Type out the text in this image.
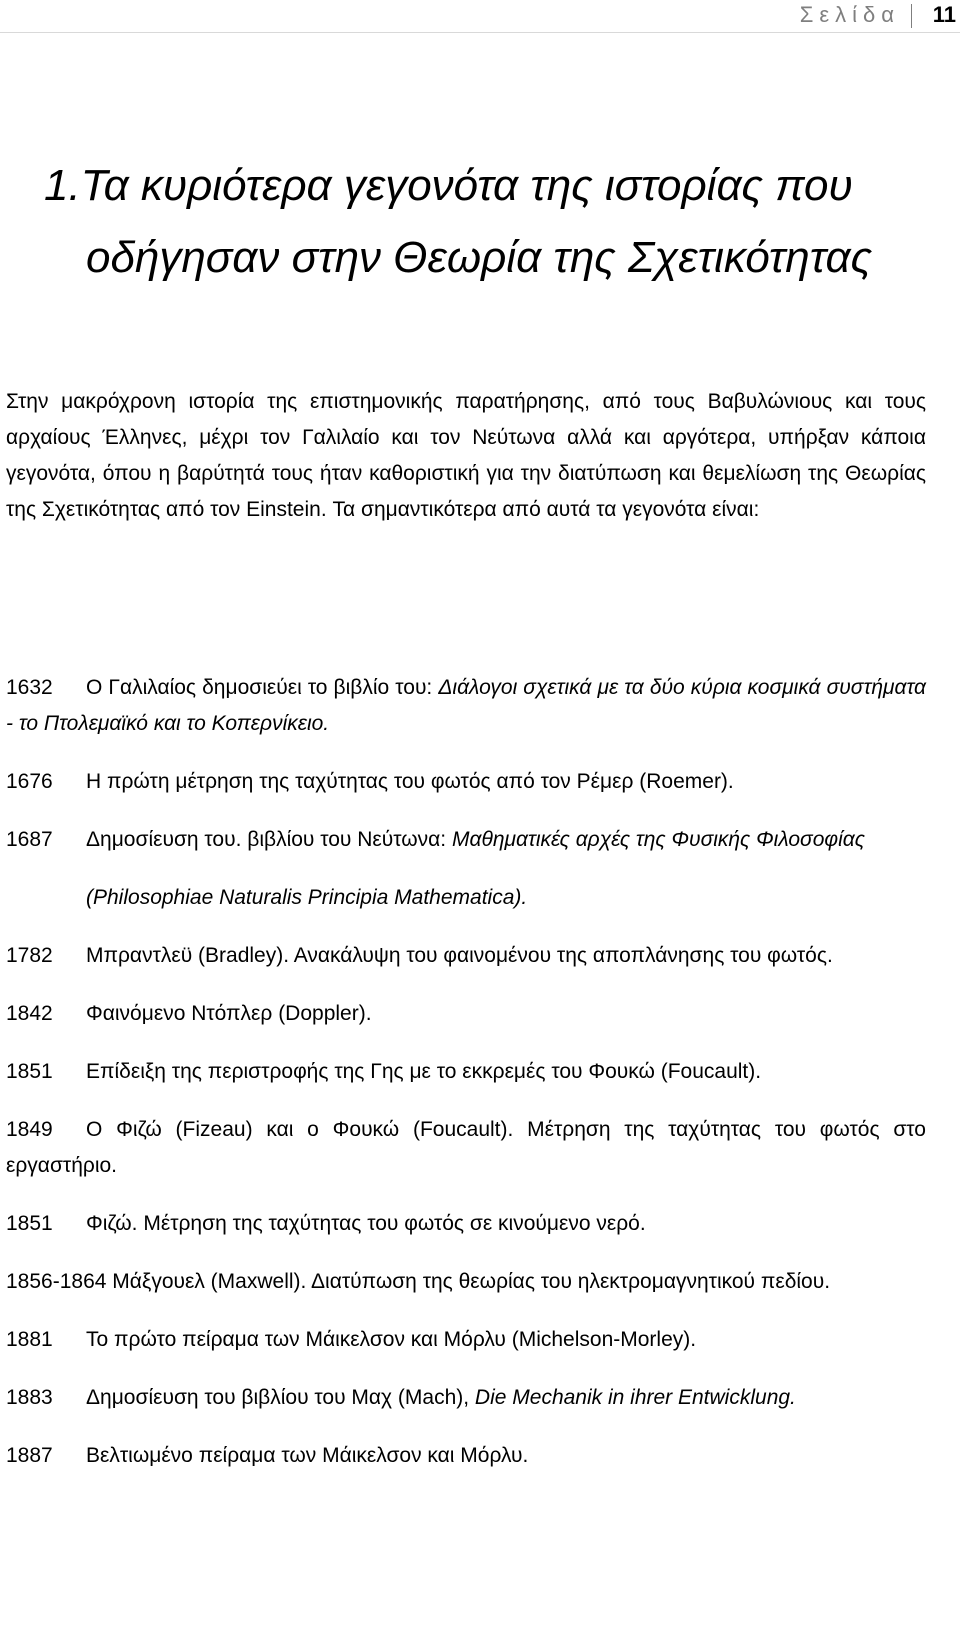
Σελίδα 11
1.Τα κυριότερα γεγονότα της ιστορίας που
οδήγησαν στην Θεωρία της Σχετικότητας

Στην μακρόχρονη ιστορία της επιστημονικής παρατήρησης, από τους Βαβυλώνιους και τους αρχαίους Έλληνες, μέχρι τον Γαλιλαίο και τον Νεύτωνα αλλά και αργότερα, υπήρξαν κάποια γεγονότα, όπου η βαρύτητά τους ήταν καθοριστική για την διατύπωση και θεμελίωση της Θεωρίας της Σχετικότητας από τον Einstein. Τα σημαντικότερα από αυτά τα γεγονότα είναι:

1632 Ο Γαλιλαίος δημοσιεύει το βιβλίο του: Διάλογοι σχετικά με τα δύο κύρια κοσμικά συστήματα - το Πτολεμαϊκό και το Κοπερνίκειο.

1676 Η πρώτη μέτρηση της ταχύτητας του φωτός από τον Ρέμερ (Roemer).

1687 Δημοσίευση του. βιβλίου του Νεύτωνα: Μαθηματικές αρχές της Φυσικής Φιλοσοφίας
(Philosophiae Naturalis Principia Mathematica).

1782 Μπραντλεϋ (Bradley). Ανακάλυψη του φαινομένου της αποπλάνησης του φωτός.

1842 Φαινόμενο Ντόπλερ (Doppler).

1851 Επίδειξη της περιστροφής της Γης με το εκκρεμές του Φουκώ (Foucault).

1849 Ο Φιζώ (Fizeau) και ο Φουκώ (Foucault). Μέτρηση της ταχύτητας του φωτός στο εργαστήριο.

1851 Φιζώ. Μέτρηση της ταχύτητας του φωτός σε κινούμενο νερό.

1856-1864 Μάξγουελ (Maxwell). Διατύπωση της θεωρίας του ηλεκτρομαγνητικού πεδίου.

1881 Το πρώτο πείραμα των Μάικελσον και Μόρλυ (Michelson-Morley).

1883 Δημοσίευση του βιβλίου του Μαχ (Mach), Die Mechanik in ihrer Entwicklung.

1887 Βελτιωμένο πείραμα των Μάικελσον και Μόρλυ.
